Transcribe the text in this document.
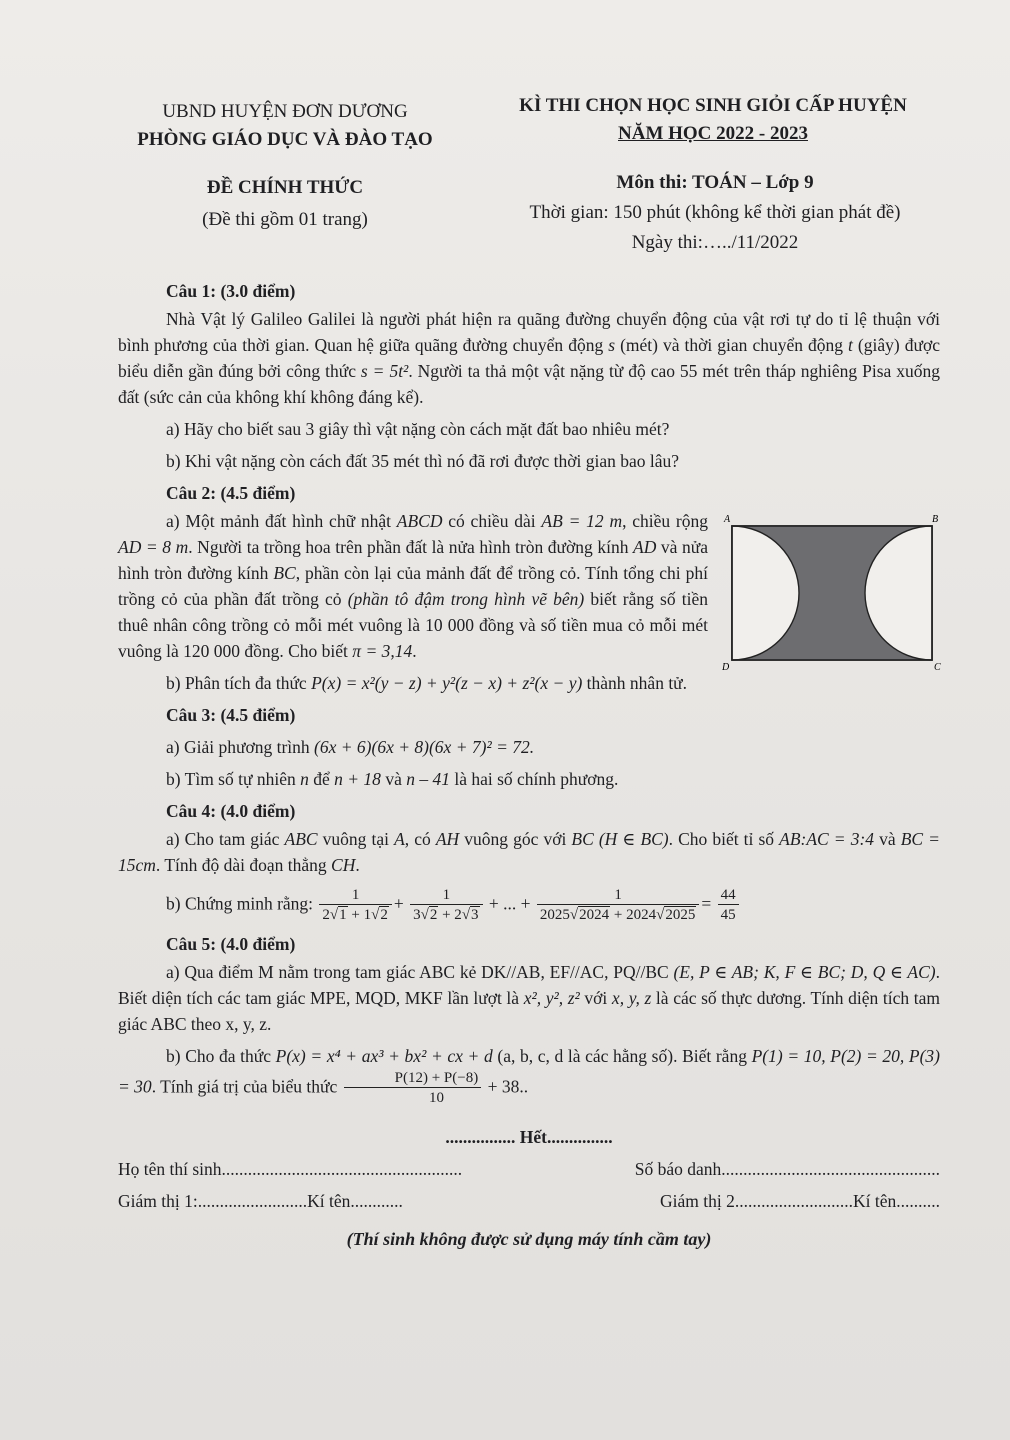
UBND HUYỆN ĐƠN DƯƠNG
PHÒNG GIÁO DỤC VÀ ĐÀO TẠO
KÌ THI CHỌN HỌC SINH GIỎI CẤP HUYỆN
NĂM HỌC 2022 - 2023
ĐỀ CHÍNH THỨC
(Đề thi gồm 01 trang)
Môn thi: TOÁN – Lớp 9
Thời gian: 150 phút (không kể thời gian phát đề)
Ngày thi:…../11/2022
Câu 1: (3.0 điểm)

Nhà Vật lý Galileo Galilei là người phát hiện ra quãng đường chuyển động của vật rơi tự do tỉ lệ thuận với bình phương của thời gian. Quan hệ giữa quãng đường chuyển động s (mét) và thời gian chuyển động t (giây) được biểu diễn gần đúng bởi công thức s = 5t². Người ta thả một vật nặng từ độ cao 55 mét trên tháp nghiêng Pisa xuống đất (sức cản của không khí không đáng kể).

a) Hãy cho biết sau 3 giây thì vật nặng còn cách mặt đất bao nhiêu mét?
b) Khi vật nặng còn cách đất 35 mét thì nó đã rơi được thời gian bao lâu?
Câu 2: (4.5 điểm)

a) Một mảnh đất hình chữ nhật ABCD có chiều dài AB = 12 m, chiều rộng AD = 8 m. Người ta trồng hoa trên phần đất là nửa hình tròn đường kính AD và nửa hình tròn đường kính BC, phần còn lại của mảnh đất để trồng cỏ. Tính tổng chi phí trồng cỏ của phần đất trồng cỏ (phần tô đậm trong hình vẽ bên) biết rằng số tiền thuê nhân công trồng cỏ mỗi mét vuông là 10 000 đồng và số tiền mua cỏ mỗi mét vuông là 120 000 đồng. Cho biết π = 3,14.

A	B
C
D
b) Phân tích đa thức P(x) = x²(y − z) + y²(z − x) + z²(x − y) thành nhân tử.
Câu 3: (4.5 điểm)
a) Giải phương trình (6x + 6)(6x + 8)(6x + 7)² = 72.
b) Tìm số tự nhiên n để n + 18 và n – 41 là hai số chính phương.
Câu 4: (4.0 điểm)

a) Cho tam giác ABC vuông tại A, có AH vuông góc với BC (H ∈ BC). Cho biết tỉ số AB:AC = 3:4 và BC = 15cm. Tính độ dài đoạn thẳng CH.

b) Chứng minh rằng: $\frac{1}{2√1 + 1√2} + \frac{1}{3√2 + 2√3}$ + ... + $\frac{1}{2025√2024 + 2024√2025} = \frac{44}{45}$
Câu 5: (4.0 điểm)

a) Qua điểm M nằm trong tam giác ABC kẻ DK//AB, EF//AC, PQ//BC (E, P ∈ AB; K, F ∈ BC; D, Q ∈ AC). Biết diện tích các tam giác MPE, MQD, MKF lần lượt là x², y², z² với x, y, z là các số thực dương. Tính diện tích tam giác ABC theo x, y, z.

b) Cho đa thức P(x) = x⁴ + ax³ + bx² + cx + d (a, b, c, d là các hằng số). Biết rằng P(1) = 10, P(2) = 20, P(3) = 30. Tính giá trị của biểu thức $\frac{P(12) + P(-8)}{10} + 38$..

................ Hết...............
Họ tên thí sinh.......................................................	Số báo danh..................................................
Giám thị 1:.........................Kí tên............	Giám thị 2...........................Kí tên..........
(Thí sinh không được sử dụng máy tính cầm tay)
